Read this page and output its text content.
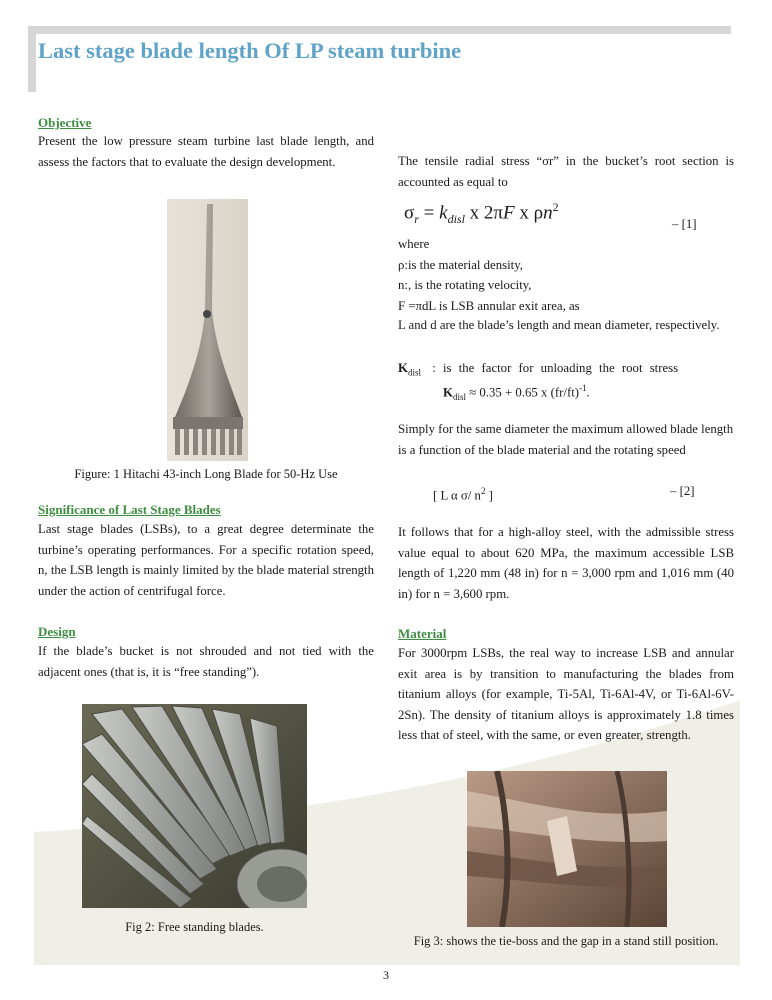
Last stage blade length Of LP steam turbine
Objective
Present the low pressure steam turbine last blade length, and assess the factors that to evaluate the design development.
Figure: 1 Hitachi 43-inch Long Blade for 50-Hz Use
Significance of Last Stage Blades
Last stage blades (LSBs), to a great degree determinate the turbine’s operating performances. For a specific rotation speed, n, the LSB length is mainly limited by the blade material strength under the action of centrifugal force.
Design
If the blade’s bucket is not shrouded and not tied with the adjacent ones (that is, it is “free standing”).
Fig 2: Free standing blades.
The tensile radial stress “σr” in the bucket’s root section is accounted as equal to
$\sigma_r = k_{disl}$ x 2πF x $\rho n^2$
– [1]
where
ρ:is the material density,
n:, is the rotating velocity,
F =πdL is LSB annular exit area, as
L and d are the blade’s length and mean diameter, respectively.
$K_{disl}$ : is the factor for unloading the root stress
$K_{disl} \approx 0.35 + 0.65$ x $(fr/ft)^{-1}$.
Simply for the same diameter the maximum allowed blade length is a function of the blade material and the rotating speed
[ L α σ/ $n^2$ ]	– [2]
It follows that for a high-alloy steel, with the admissible stress value equal to about 620 MPa, the maximum accessible LSB length of 1,220 mm (48 in) for n = 3,000 rpm and 1,016 mm (40 in) for n = 3,600 rpm.
Material
For 3000rpm LSBs, the real way to increase LSB and annular exit area is by transition to manufacturing the blades from titanium alloys (for example, Ti-5Al, Ti-6Al-4V, or Ti-6Al-6V-2Sn). The density of titanium alloys is approximately 1.8 times less that of steel, with the same, or even greater, strength.
Fig 3: shows the tie-boss and the gap in a stand still position.
3
